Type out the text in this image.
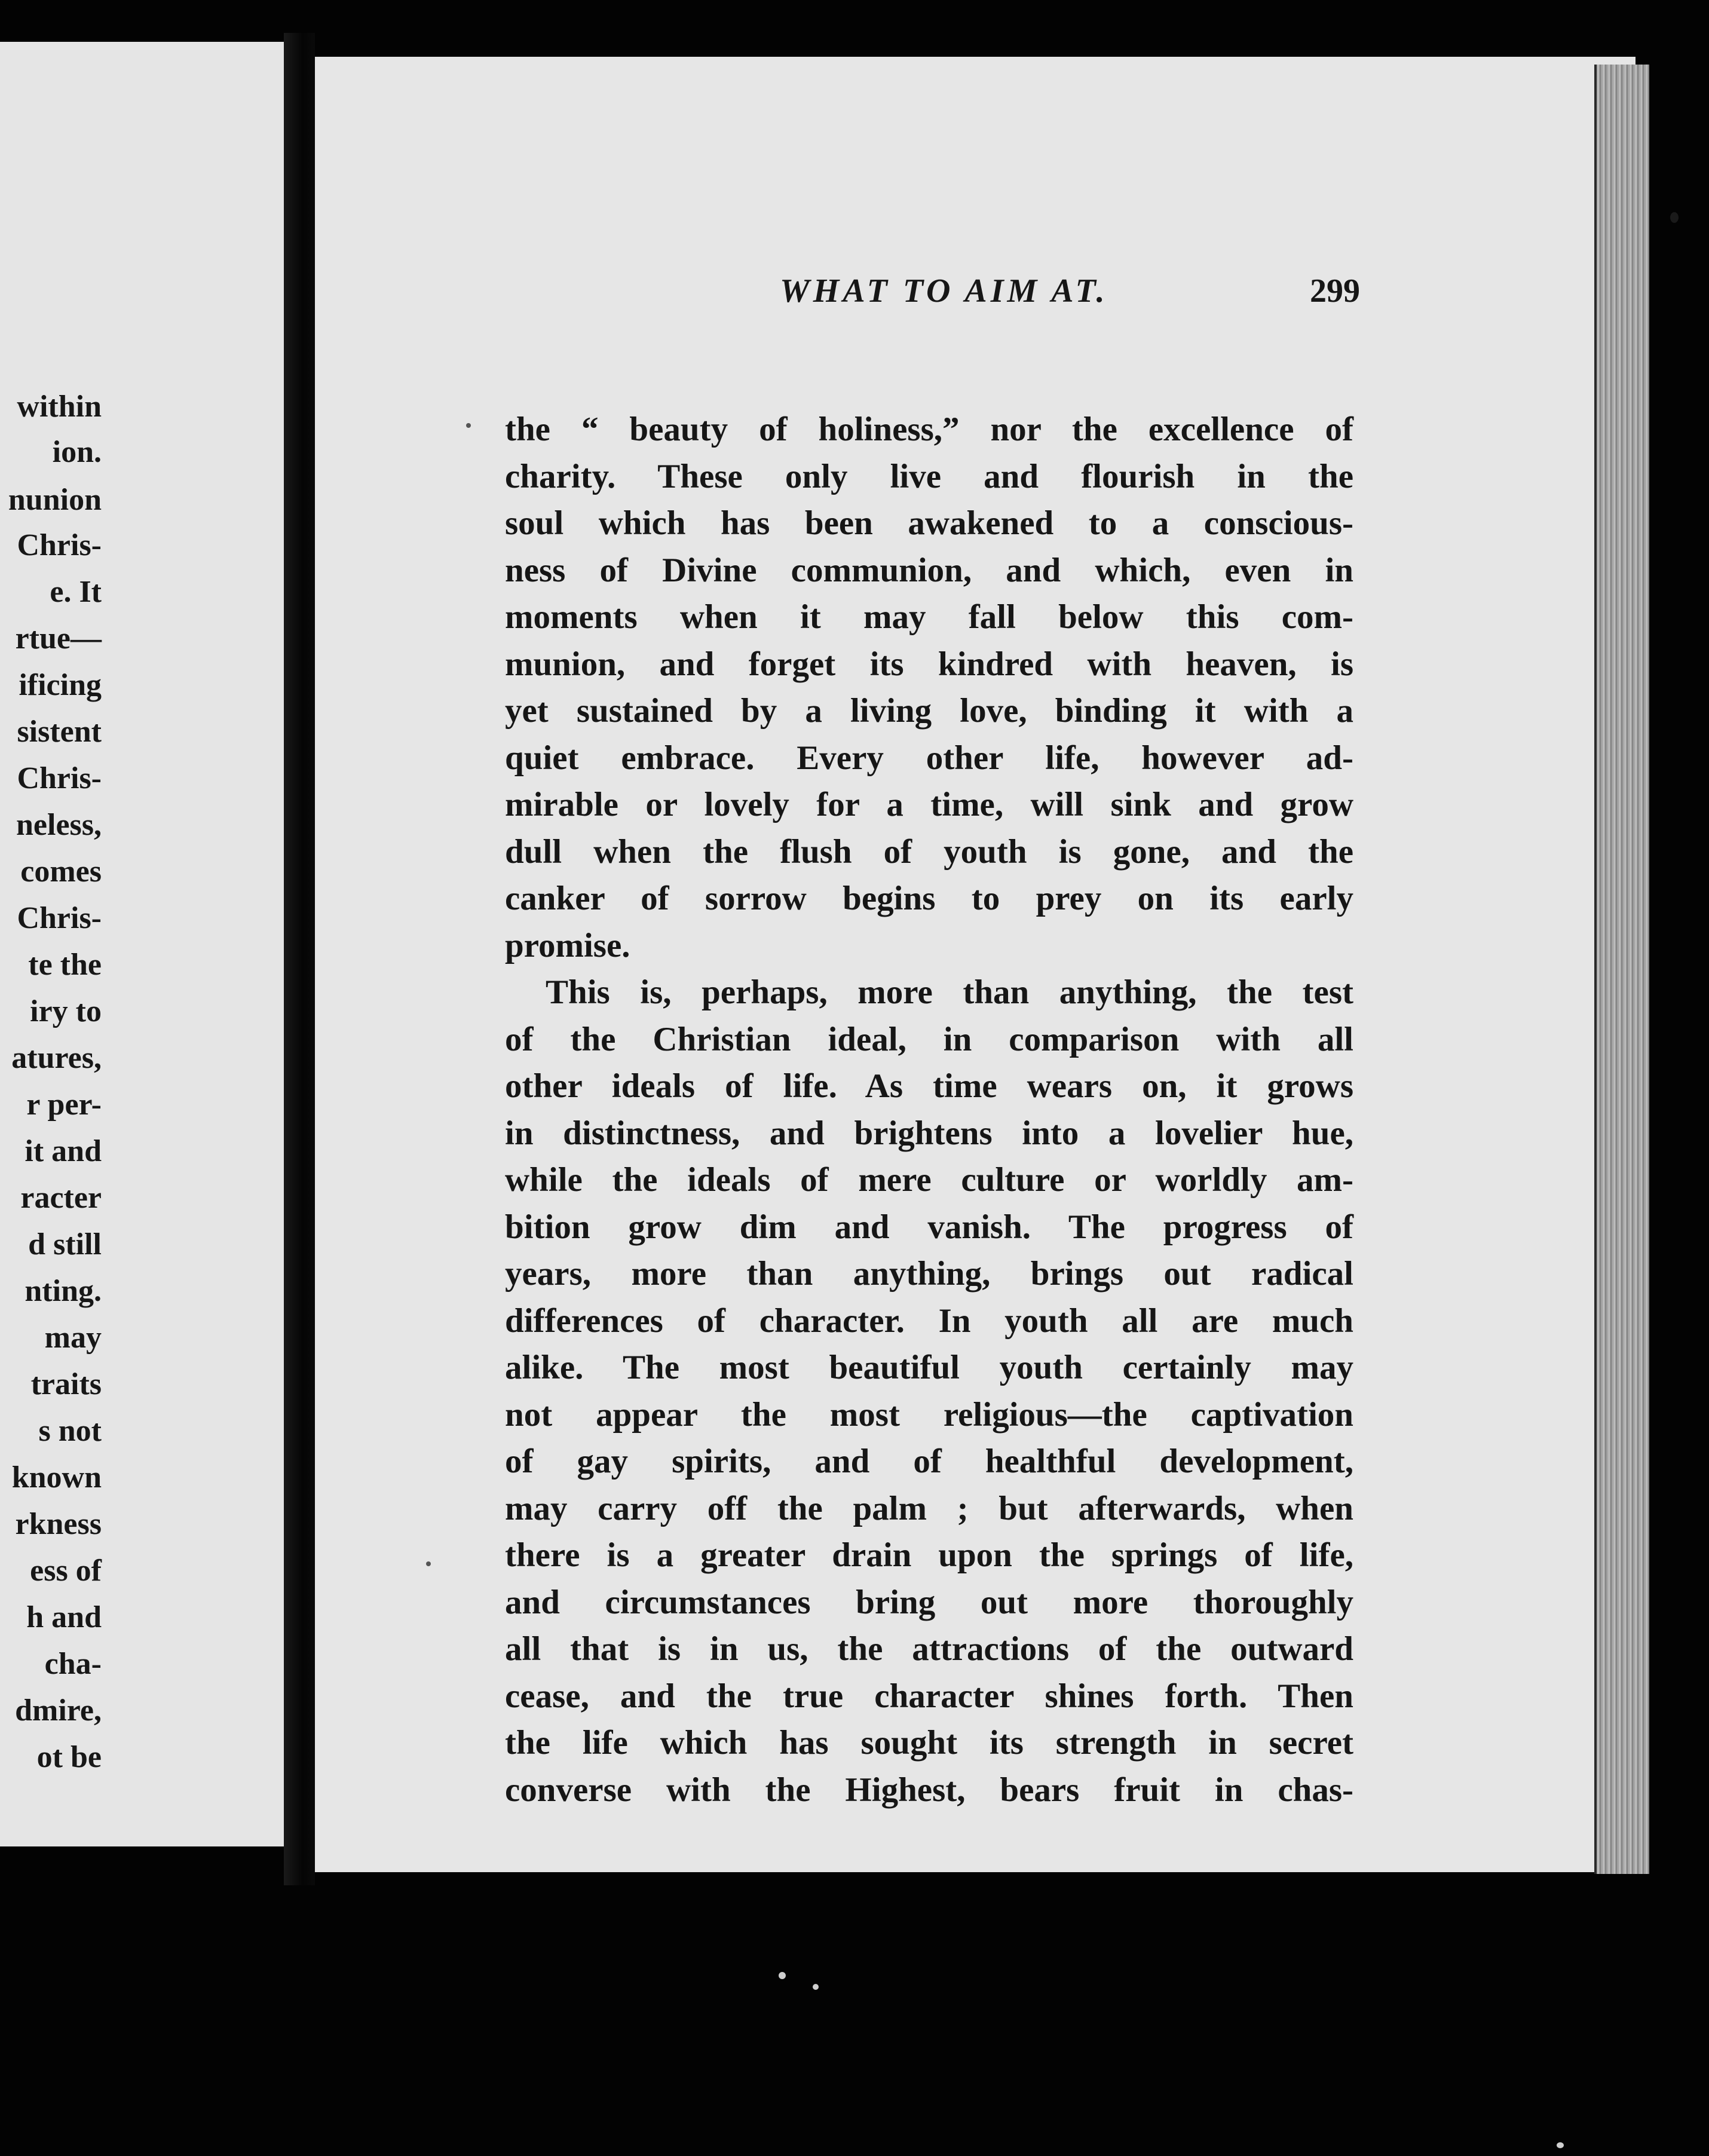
within
ion.
nunion
Chris-
e. It
rtue—
ificing
sistent
Chris-
neless,
comes
Chris-
te the
iry to
atures,
r per-
it and
racter
d still
nting.
may
traits
s not
known
rkness
ess of
h and
cha-
dmire,
ot be
WHAT TO AIM AT.	299
the “ beauty of holiness,” nor the excellence of
charity. These only live and flourish in the
soul which has been awakened to a conscious-
ness of Divine communion, and which, even in
moments when it may fall below this com-
munion, and forget its kindred with heaven, is
yet sustained by a living love, binding it with a
quiet embrace. Every other life, however ad-
mirable or lovely for a time, will sink and grow
dull when the flush of youth is gone, and the
canker of sorrow begins to prey on its early
promise.
This is, perhaps, more than anything, the test
of the Christian ideal, in comparison with all
other ideals of life. As time wears on, it grows
in distinctness, and brightens into a lovelier hue,
while the ideals of mere culture or worldly am-
bition grow dim and vanish. The progress of
years, more than anything, brings out radical
differences of character. In youth all are much
alike. The most beautiful youth certainly may
not appear the most religious—the captivation
of gay spirits, and of healthful development,
may carry off the palm ; but afterwards, when
there is a greater drain upon the springs of life,
and circumstances bring out more thoroughly
all that is in us, the attractions of the outward
cease, and the true character shines forth. Then
the life which has sought its strength in secret
converse with the Highest, bears fruit in chas-
